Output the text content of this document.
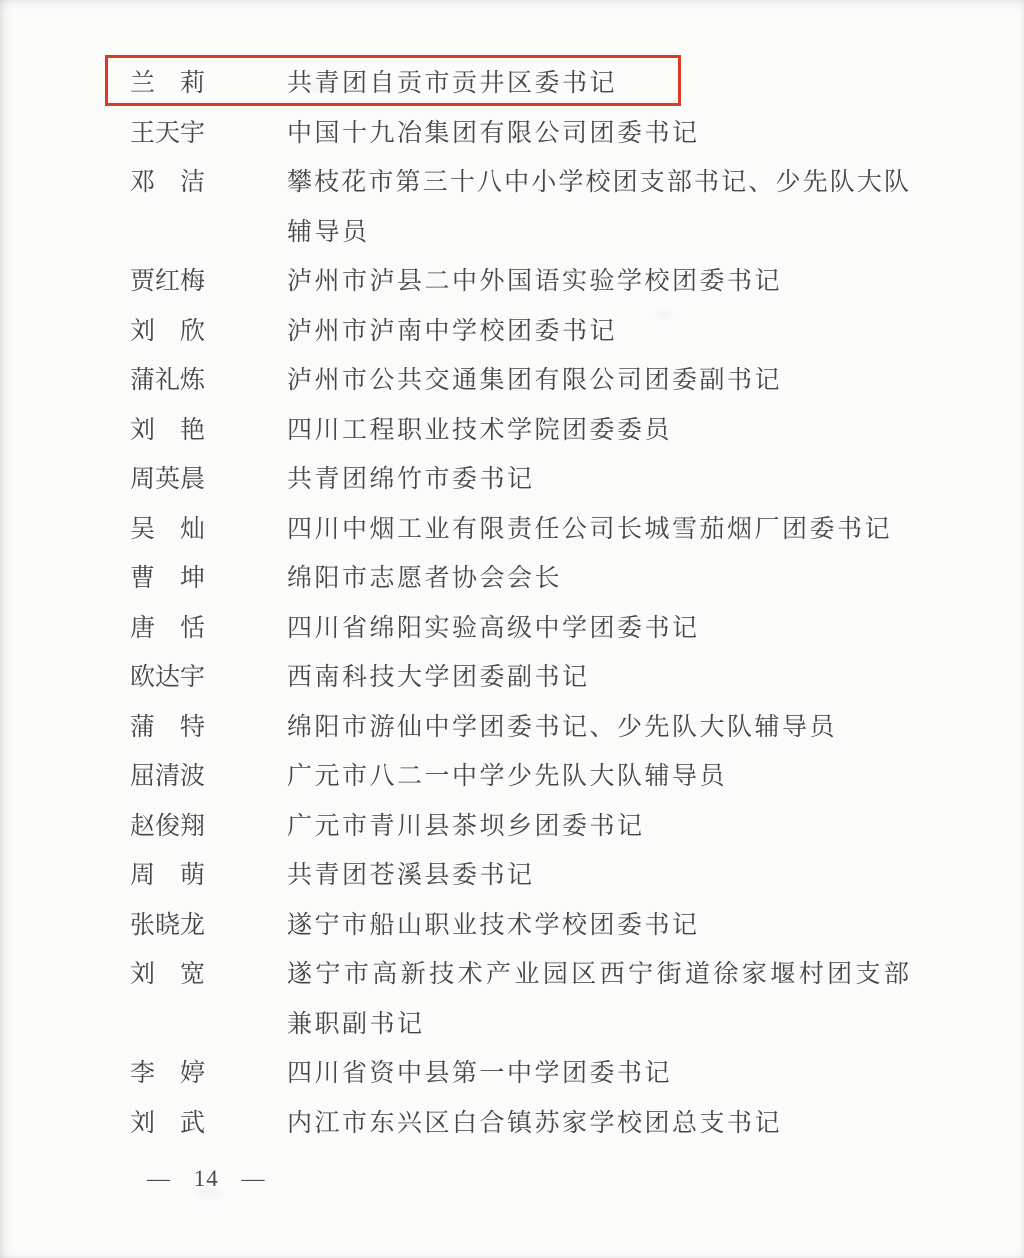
兰莉	共青团自贡市贡井区委书记
王天宇	中国十九冶集团有限公司团委书记
邓洁	攀枝花市第三十八中小学校团支部书记、少先队大队
辅导员
贾红梅	泸州市泸县二中外国语实验学校团委书记
刘欣	泸州市泸南中学校团委书记
蒲礼炼	泸州市公共交通集团有限公司团委副书记
刘艳	四川工程职业技术学院团委委员
周英晨	共青团绵竹市委书记
吴灿	四川中烟工业有限责任公司长城雪茄烟厂团委书记
曹坤	绵阳市志愿者协会会长
唐恬	四川省绵阳实验高级中学团委书记
欧达宇	西南科技大学团委副书记
蒲特	绵阳市游仙中学团委书记、少先队大队辅导员
屈清波	广元市八二一中学少先队大队辅导员
赵俊翔	广元市青川县茶坝乡团委书记
周萌	共青团苍溪县委书记
张晓龙	遂宁市船山职业技术学校团委书记
刘宽	遂宁市高新技术产业园区西宁街道徐家堰村团支部
兼职副书记
李婷	四川省资中县第一中学团委书记
刘武	内江市东兴区白合镇苏家学校团总支书记
— 14 —
